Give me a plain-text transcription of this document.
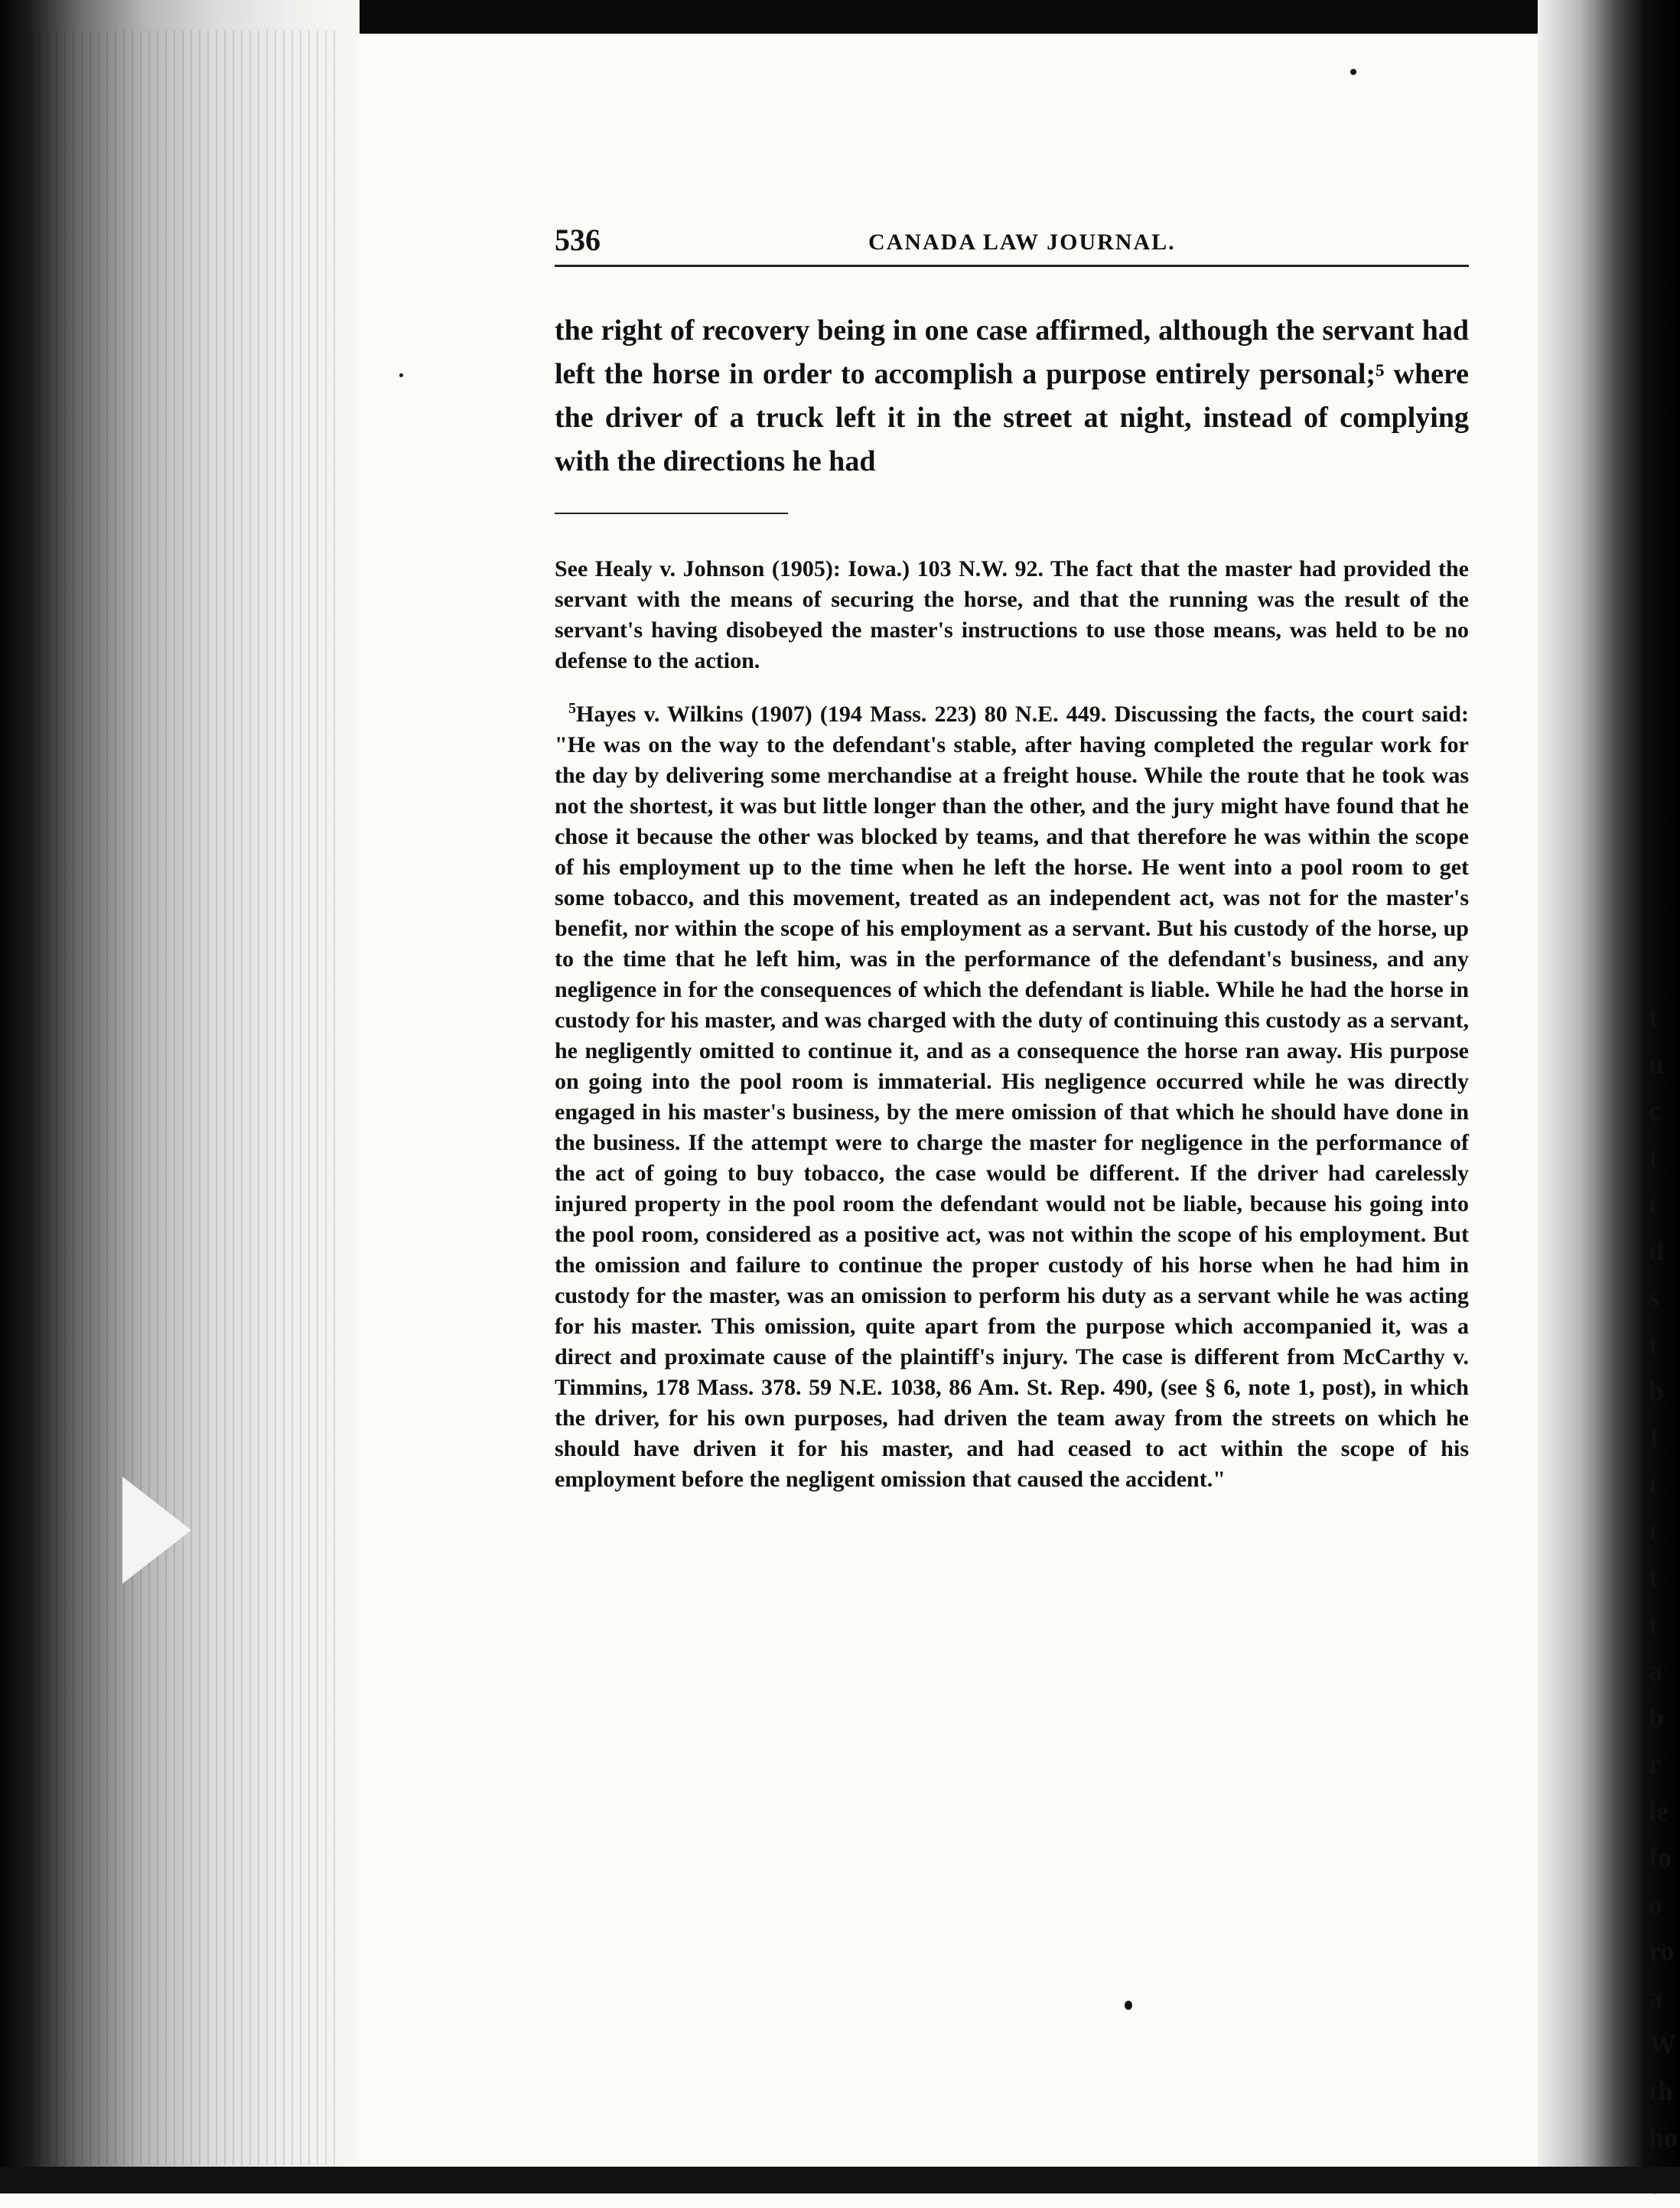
t
u
c
t
t
d
s
t
b
I
t
t
t
t
a
b
r
le
fo
o
ro
a
W
th
ho
536	CANADA LAW JOURNAL.

the right of recovery being in one case affirmed, although the servant had left the horse in order to accomplish a purpose entirely personal;⁵ where the driver of a truck left it in the street at night, instead of complying with the directions he had

See Healy v. Johnson (1905): Iowa.) 103 N.W. 92. The fact that the master had provided the servant with the means of securing the horse, and that the running was the result of the servant's having disobeyed the master's instructions to use those means, was held to be no defense to the action.

$^5$Hayes v. Wilkins (1907) (194 Mass. 223) 80 N.E. 449. Discussing the facts, the court said: "He was on the way to the defendant's stable, after having completed the regular work for the day by delivering some merchandise at a freight house. While the route that he took was not the shortest, it was but little longer than the other, and the jury might have found that he chose it because the other was blocked by teams, and that therefore he was within the scope of his employment up to the time when he left the horse. He went into a pool room to get some tobacco, and this movement, treated as an independent act, was not for the master's benefit, nor within the scope of his employment as a servant. But his custody of the horse, up to the time that he left him, was in the performance of the defendant's business, and any negligence in for the consequences of which the defendant is liable. While he had the horse in custody for his master, and was charged with the duty of continuing this custody as a servant, he negligently omitted to continue it, and as a consequence the horse ran away. His purpose on going into the pool room is immaterial. His negligence occurred while he was directly engaged in his master's business, by the mere omission of that which he should have done in the business. If the attempt were to charge the master for negligence in the performance of the act of going to buy tobacco, the case would be different. If the driver had carelessly injured property in the pool room the defendant would not be liable, because his going into the pool room, considered as a positive act, was not within the scope of his employment. But the omission and failure to continue the proper custody of his horse when he had him in custody for the master, was an omission to perform his duty as a servant while he was acting for his master. This omission, quite apart from the purpose which accompanied it, was a direct and proximate cause of the plaintiff's injury. The case is different from McCarthy v. Timmins, 178 Mass. 378. 59 N.E. 1038, 86 Am. St. Rep. 490, (see § 6, note 1, post), in which the driver, for his own purposes, had driven the team away from the streets on which he should have driven it for his master, and had ceased to act within the scope of his employment before the negligent omission that caused the accident."
